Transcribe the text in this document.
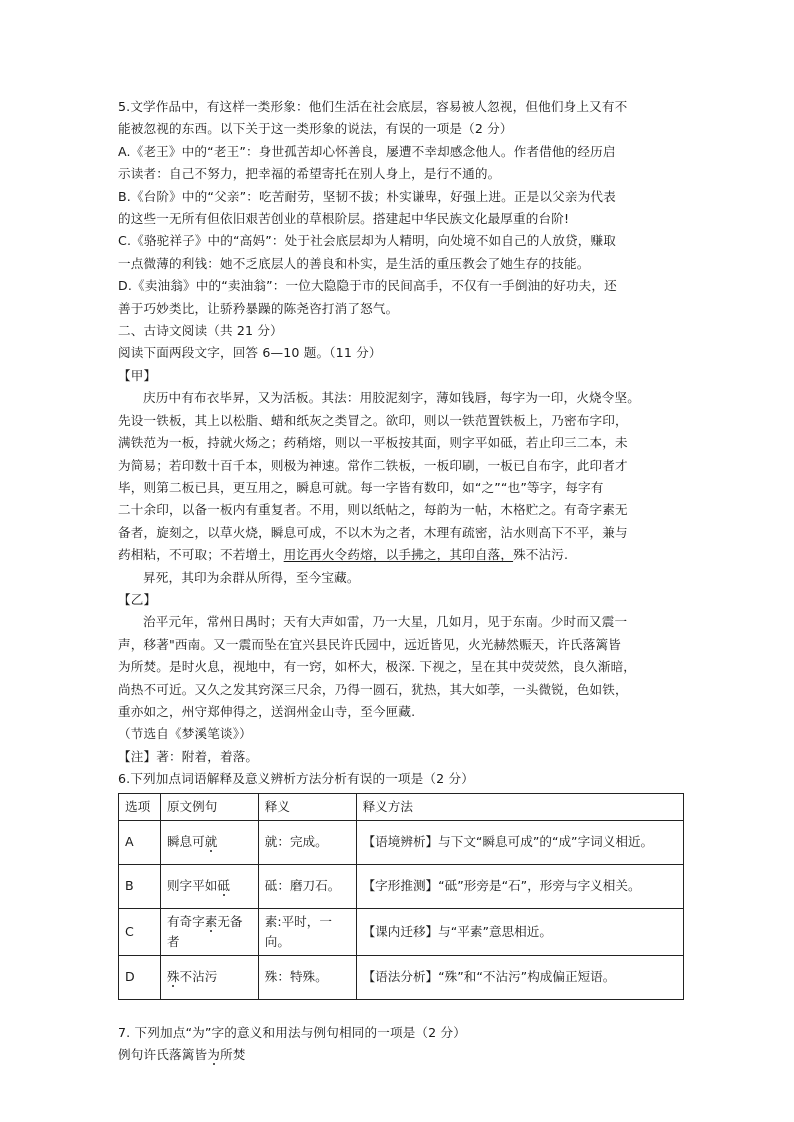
5.文学作品中，有这样一类形象：他们生活在社会底层，容易被人忽视，但他们身上又有不
能被忽视的东西。以下关于这一类形象的说法，有误的一项是（2 分）
A.《老王》中的“老王”：身世孤苦却心怀善良，屡遭不幸却感念他人。作者借他的经历启
示读者：自己不努力，把幸福的希望寄托在别人身上，是行不通的。
B.《台阶》中的“父亲”：吃苦耐劳，坚韧不拔；朴实谦卑，好强上进。正是以父亲为代表
的这些一无所有但依旧艰苦创业的草根阶层。搭建起中华民族文化最厚重的台阶!
C.《骆驼祥子》中的“高妈”：处于社会底层却为人精明，向处境不如自己的人放贷，赚取
一点微薄的利钱：她不乏底层人的善良和朴实，是生活的重压教会了她生存的技能。
D.《卖油翁》中的“卖油翁”：一位大隐隐于市的民间高手，不仅有一手倒油的好功夫，还
善于巧妙类比，让骄矜暴躁的陈尧咨打消了怒气。
二、古诗文阅读（共 21 分）
阅读下面两段文字，回答 6—10 题。（11 分）
【甲】
庆历中有布衣毕昇，又为活板。其法：用胶泥刻字，薄如钱唇，每字为一印，火烧令坚。
先设一铁板，其上以松脂、蜡和纸灰之类冒之。欲印，则以一铁范置铁板上，乃密布字印，
满铁范为一板，持就火炀之；药稍熔，则以一平板按其面，则字平如砥，若止印三二本，未
为简易；若印数十百千本，则极为神速。常作二铁板，一板印刷，一板已自布字，此印者才
毕，则第二板已具，更互用之，瞬息可就。每一字皆有数印，如“之”“也”等字，每字有
二十余印，以备一板内有重复者。不用，则以纸帖之，每韵为一帖，木格贮之。有奇字素无
备者，旋刻之，以草火烧，瞬息可成，不以木为之者，木理有疏密，沾水则高下不平，兼与
药相粘，不可取；不若增土，用讫再火令药熔，以手拂之，其印自落，殊不沾污.
昇死，其印为余群从所得，至今宝藏。
【乙】
治平元年，常州日禺时；天有大声如雷，乃一大星，几如月，见于东南。少时而又震一
声，移著"西南。又一震而坠在宜兴县民许氏园中，远近皆见，火光赫然赈天，许氏落篱皆
为所焚。是时火息，视地中，有一窍，如杯大，极深. 下视之，呈在其中荧荧然，良久渐暗，
尚热不可近。又久之发其窍深三尺余，乃得一圆石，犹热，其大如荸，一头微锐，色如铁，
重亦如之，州守郑伸得之，送润州金山寺，至今匣藏.
（节选自《梦溪笔谈》）
【注】著：附着，着落。
6.下列加点词语解释及意义辨析方法分析有误的一项是（2 分）
选项	原文例句	释义	释义方法
A	瞬息可就	就：完成。	【语境辨析】与下文“瞬息可成”的“成”字词义相近。
B	则字平如砥	砥：磨刀石。	【字形推测】“砥”形旁是“石”，形旁与字义相关。
C	有奇字素无备者	素:平时，一向。	【课内迁移】与“平素”意思相近。
D	殊不沾污	殊：特殊。	【语法分析】“殊”和“不沾污”构成偏正短语。
7. 下列加点“为”字的意义和用法与例句相同的一项是（2 分）
例句许氏落篱皆为所焚
